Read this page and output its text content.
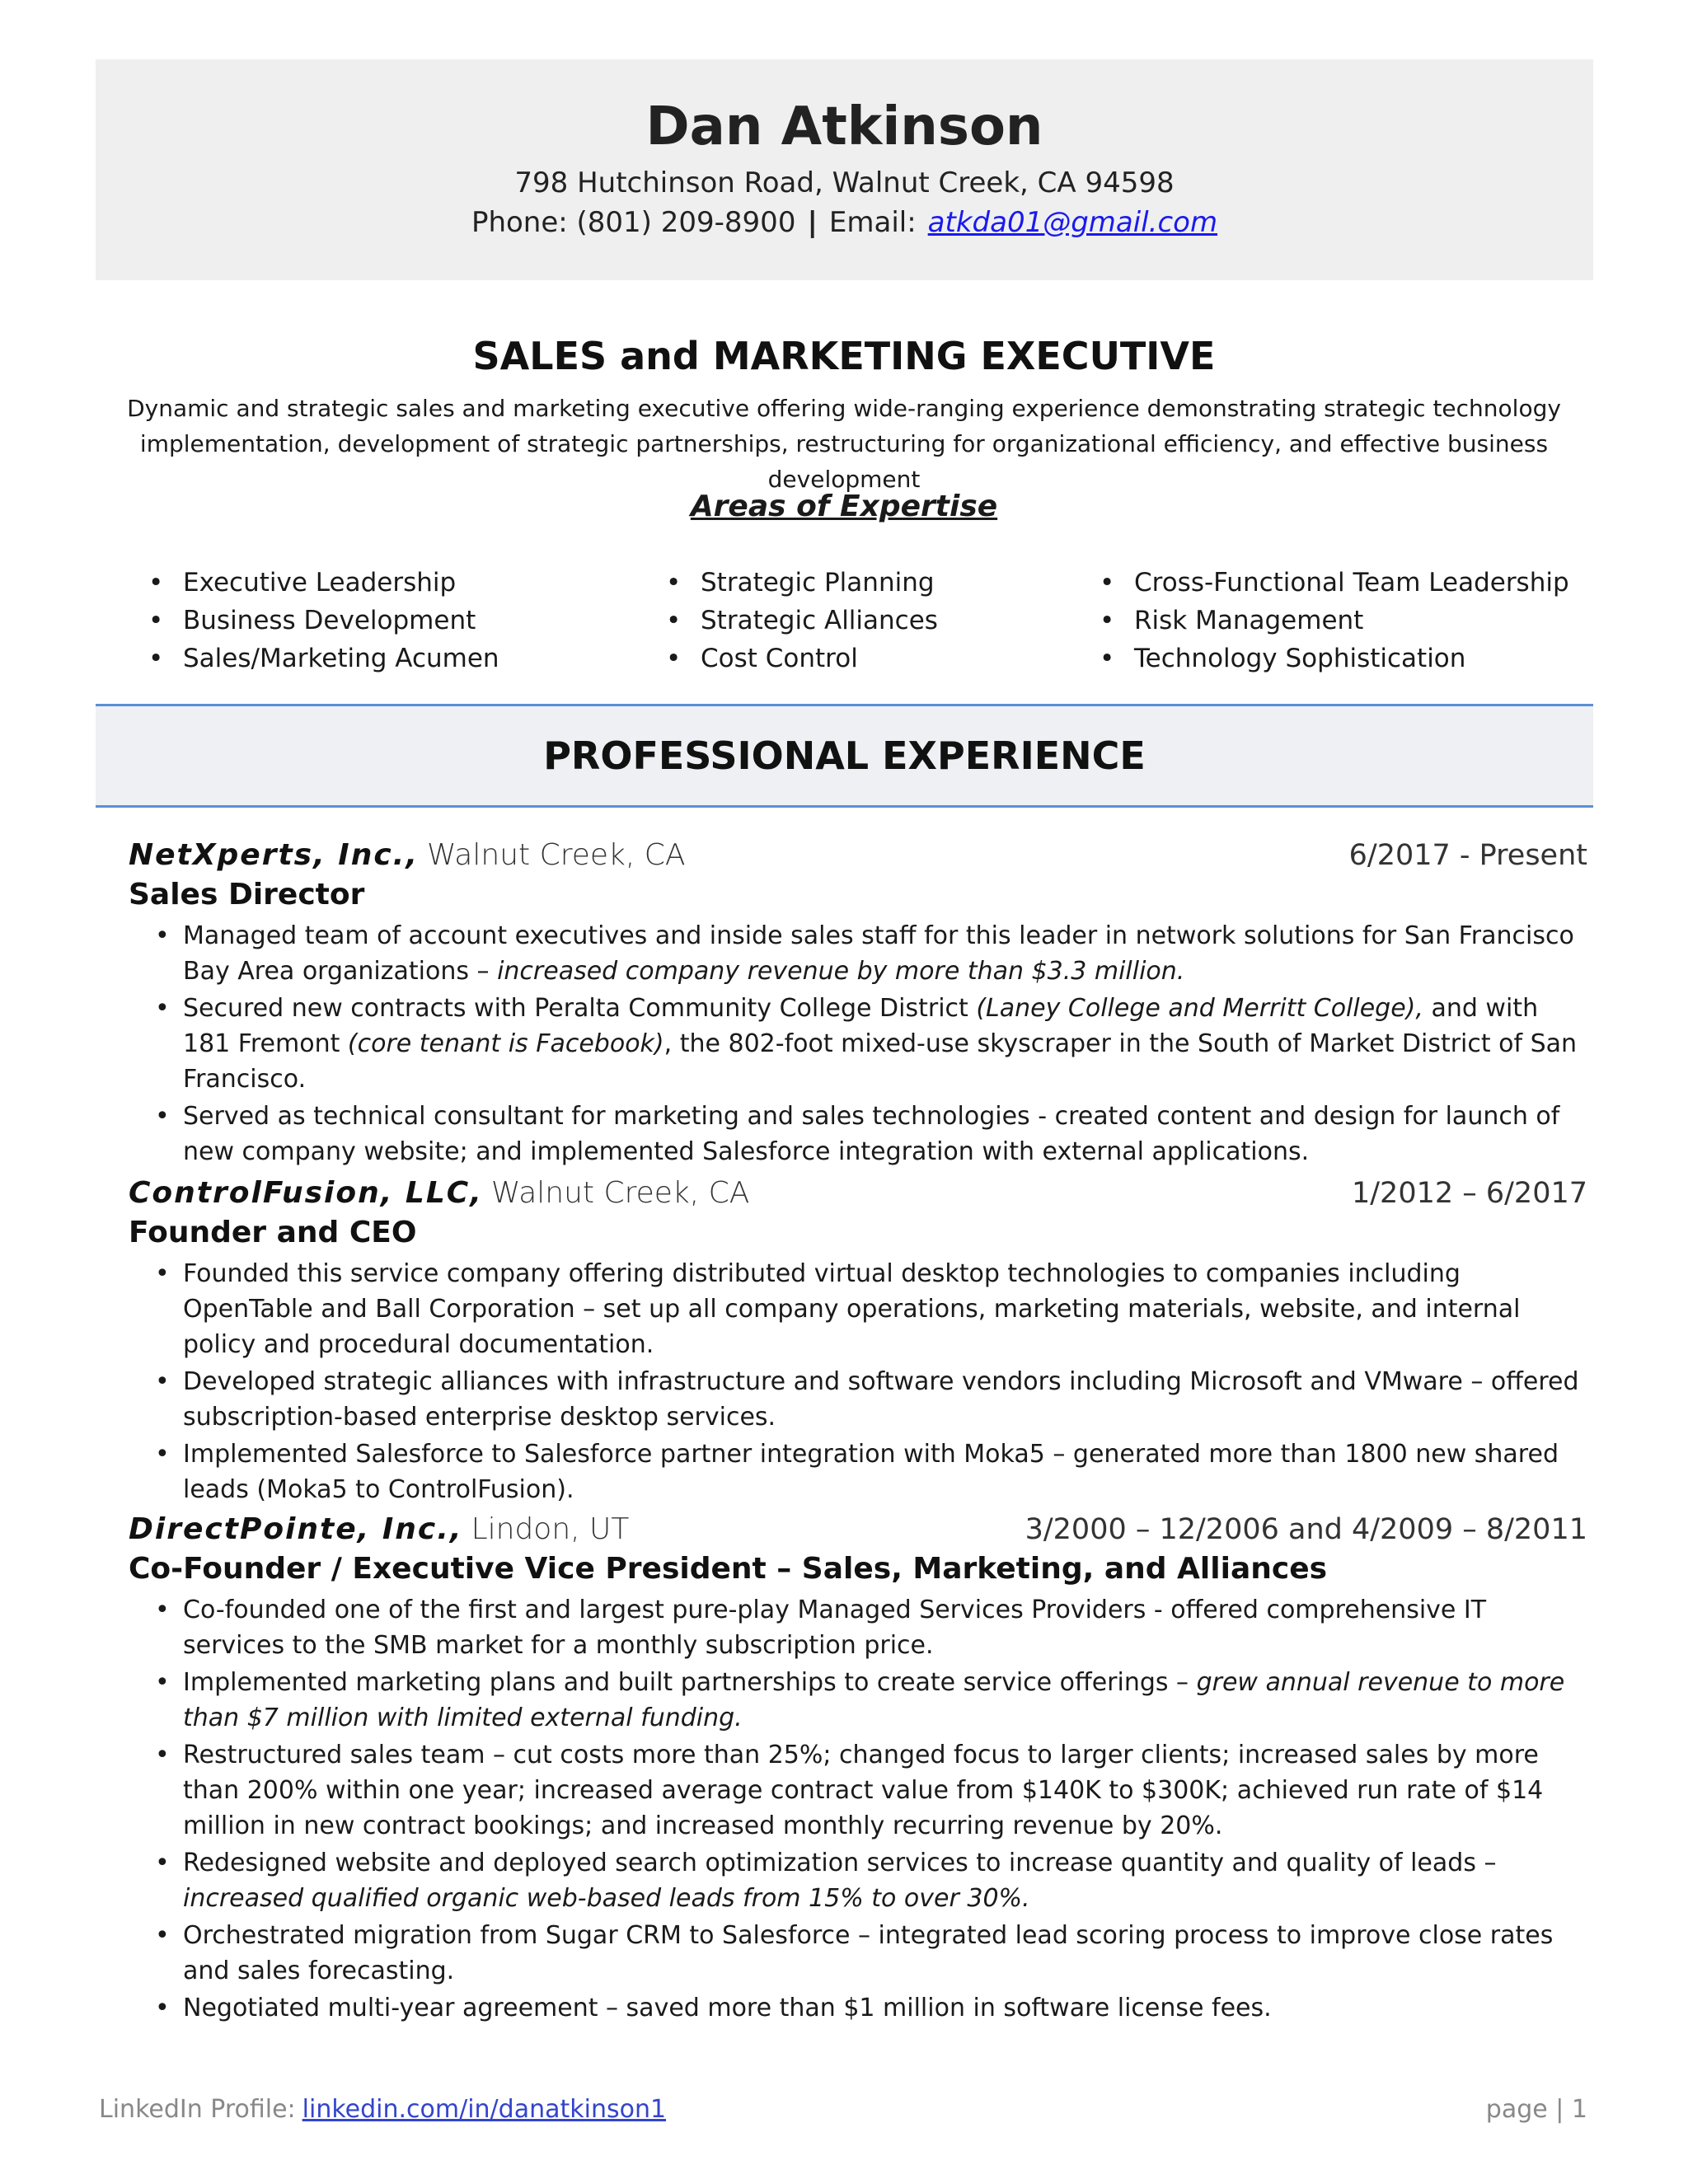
Dan Atkinson
798 Hutchinson Road, Walnut Creek, CA 94598
Phone: (801) 209-8900 | Email: atkda01@gmail.com
SALES and MARKETING EXECUTIVE
Dynamic and strategic sales and marketing executive offering wide-ranging experience demonstrating strategic technology implementation, development of strategic partnerships, restructuring for organizational efficiency, and effective business development
Areas of Expertise
• Executive Leadership
• Business Development
• Sales/Marketing Acumen
• Strategic Planning
• Strategic Alliances
• Cost Control
• Cross-Functional Team Leadership
• Risk Management
• Technology Sophistication
PROFESSIONAL EXPERIENCE
NetXperts, Inc., Walnut Creek, CA	6/2017 - Present
Sales Director
• Managed team of account executives and inside sales staff for this leader in network solutions for San Francisco Bay Area organizations – increased company revenue by more than $3.3 million.
• Secured new contracts with Peralta Community College District (Laney College and Merritt College), and with 181 Fremont (core tenant is Facebook), the 802-foot mixed-use skyscraper in the South of Market District of San Francisco.
• Served as technical consultant for marketing and sales technologies - created content and design for launch of new company website; and implemented Salesforce integration with external applications.
ControlFusion, LLC, Walnut Creek, CA	1/2012 – 6/2017
Founder and CEO
• Founded this service company offering distributed virtual desktop technologies to companies including OpenTable and Ball Corporation – set up all company operations, marketing materials, website, and internal policy and procedural documentation.
• Developed strategic alliances with infrastructure and software vendors including Microsoft and VMware – offered subscription-based enterprise desktop services.
• Implemented Salesforce to Salesforce partner integration with Moka5 – generated more than 1800 new shared leads (Moka5 to ControlFusion).
DirectPointe, Inc., Lindon, UT	3/2000 – 12/2006 and 4/2009 – 8/2011
Co-Founder / Executive Vice President – Sales, Marketing, and Alliances
• Co-founded one of the first and largest pure-play Managed Services Providers - offered comprehensive IT services to the SMB market for a monthly subscription price.
• Implemented marketing plans and built partnerships to create service offerings – grew annual revenue to more than $7 million with limited external funding.
• Restructured sales team – cut costs more than 25%; changed focus to larger clients; increased sales by more than 200% within one year; increased average contract value from $140K to $300K; achieved run rate of $14 million in new contract bookings; and increased monthly recurring revenue by 20%.
• Redesigned website and deployed search optimization services to increase quantity and quality of leads – increased qualified organic web-based leads from 15% to over 30%.
• Orchestrated migration from Sugar CRM to Salesforce – integrated lead scoring process to improve close rates and sales forecasting.
• Negotiated multi-year agreement – saved more than $1 million in software license fees.
LinkedIn Profile: linkedin.com/in/danatkinson1	page | 1
